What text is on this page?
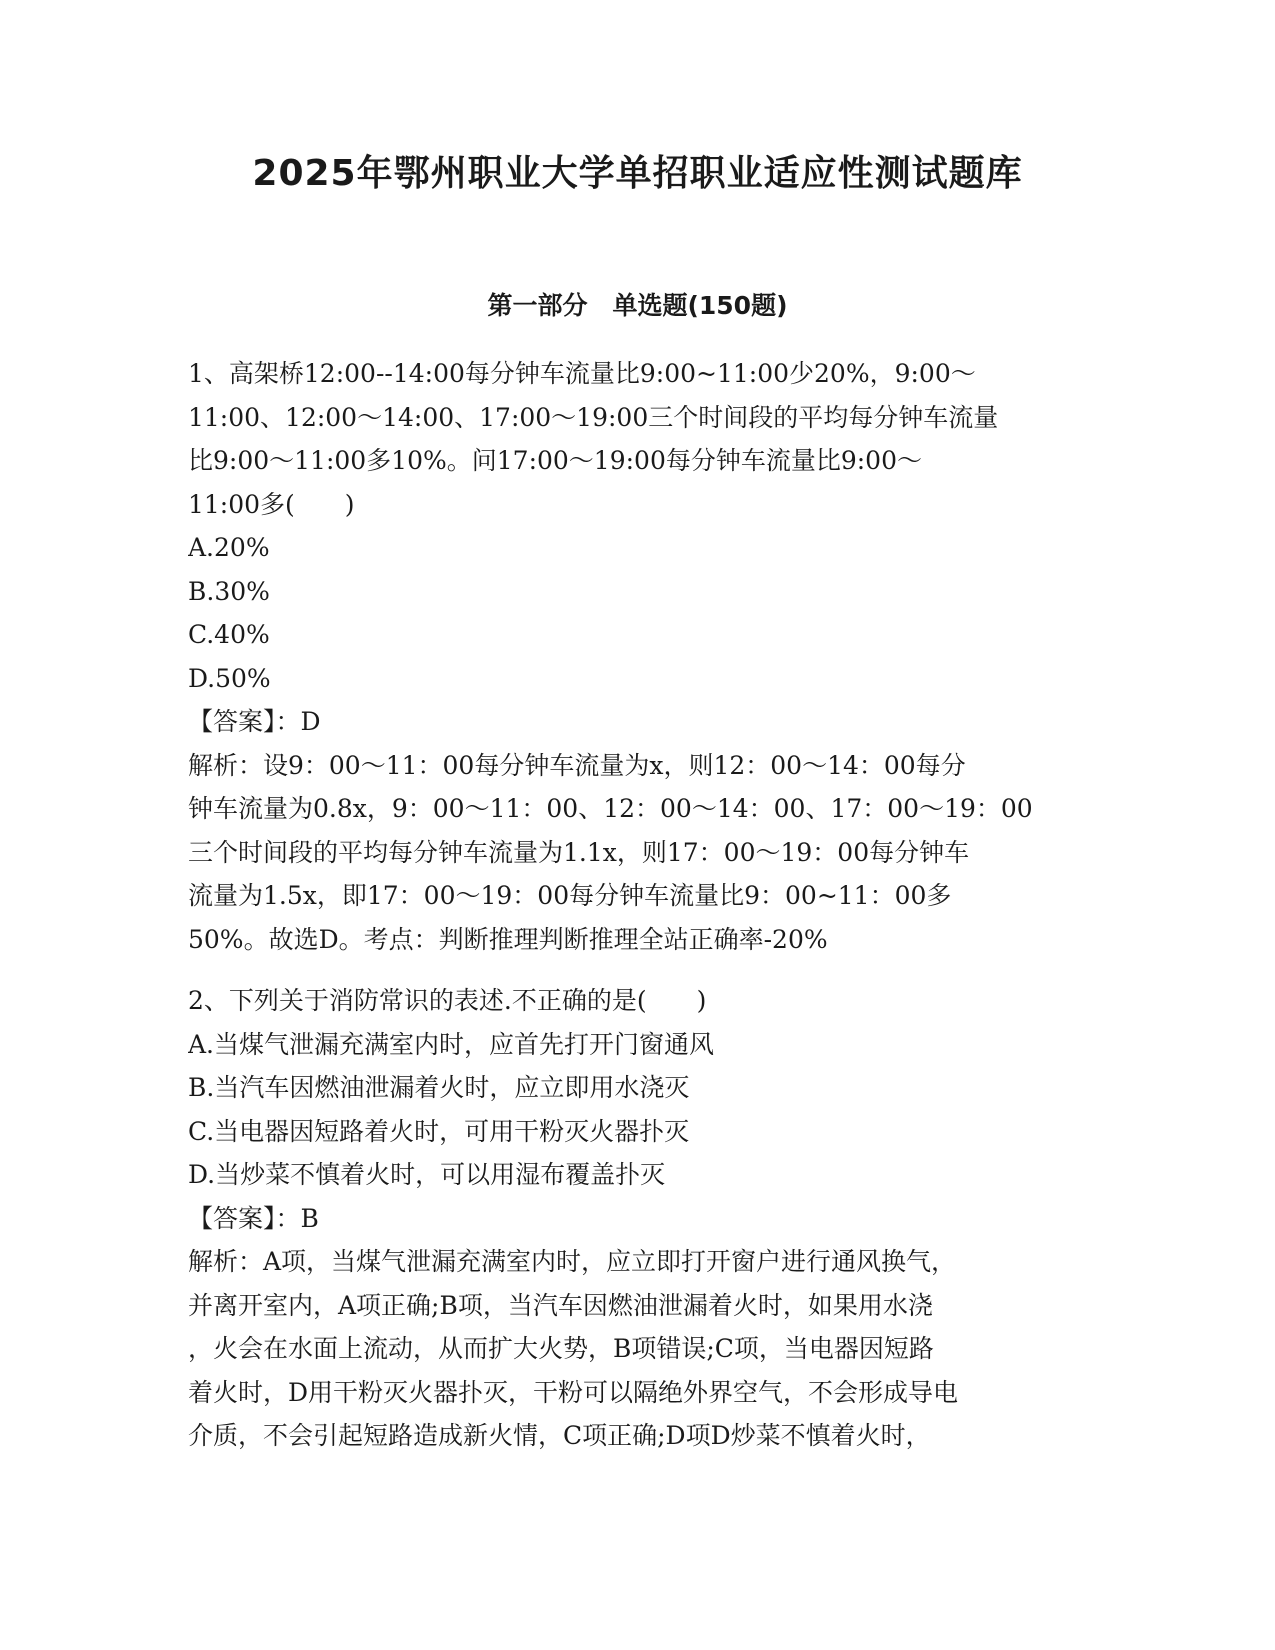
2025年鄂州职业大学单招职业适应性测试题库
第一部分　单选题(150题)
1、高架桥12:00--14:00每分钟车流量比9:00~11:00少20%，9:00～
11:00、12:00～14:00、17:00～19:00三个时间段的平均每分钟车流量
比9:00～11:00多10%。问17:00～19:00每分钟车流量比9:00～
11:00多(　　)
A.20%
B.30%
C.40%
D.50%
【答案】：D
解析：设9：00～11：00每分钟车流量为x，则12：00～14：00每分
钟车流量为0.8x，9：00～11：00、12：00～14：00、17：00～19：00
三个时间段的平均每分钟车流量为1.1x，则17：00～19：00每分钟车
流量为1.5x，即17：00～19：00每分钟车流量比9：00~11：00多
50%。故选D。考点：判断推理判断推理全站正确率-20%
2、下列关于消防常识的表述.不正确的是(　　)
A.当煤气泄漏充满室内时，应首先打开门窗通风
B.当汽车因燃油泄漏着火时，应立即用水浇灭
C.当电器因短路着火时，可用干粉灭火器扑灭
D.当炒菜不慎着火时，可以用湿布覆盖扑灭
【答案】：B
解析：A项，当煤气泄漏充满室内时，应立即打开窗户进行通风换气，
并离开室内，A项正确;B项，当汽车因燃油泄漏着火时，如果用水浇
，火会在水面上流动，从而扩大火势，B项错误;C项，当电器因短路
着火时，D用干粉灭火器扑灭，干粉可以隔绝外界空气，不会形成导电
介质，不会引起短路造成新火情，C项正确;D项D炒菜不慎着火时，
